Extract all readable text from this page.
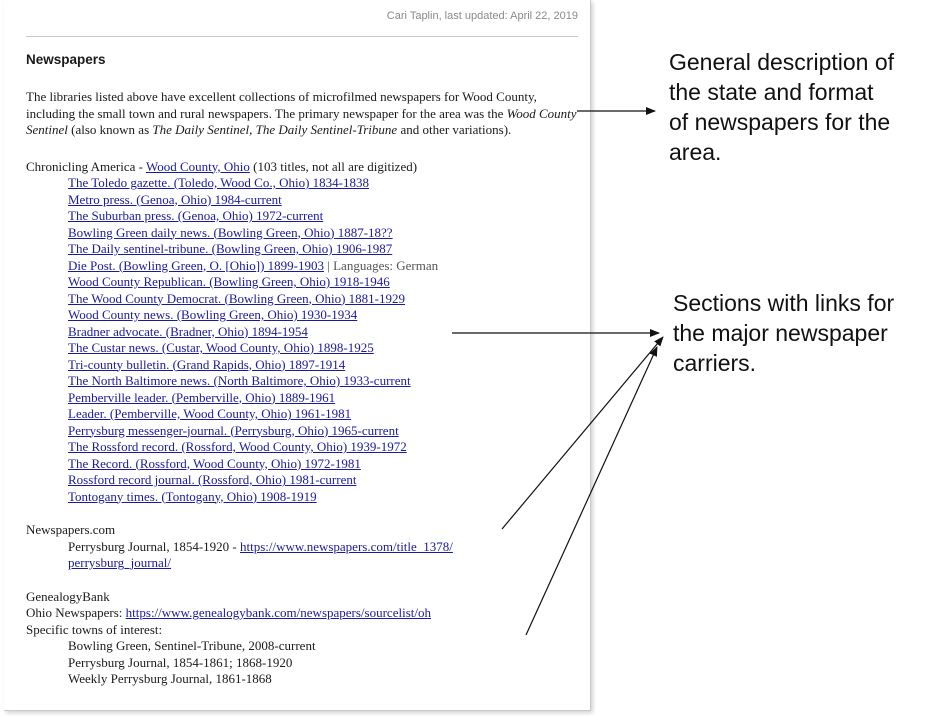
Cari Taplin, last updated: April 22, 2019
Newspapers

The libraries listed above have excellent collections of microfilmed newspapers for Wood County, including the small town and rural newspapers. The primary newspaper for the area was the Wood County Sentinel (also known as The Daily Sentinel, The Daily Sentinel-Tribune and other variations).

Chronicling America - Wood County, Ohio (103 titles, not all are digitized)
The Toledo gazette. (Toledo, Wood Co., Ohio) 1834-1838
Metro press. (Genoa, Ohio) 1984-current
The Suburban press. (Genoa, Ohio) 1972-current
Bowling Green daily news. (Bowling Green, Ohio) 1887-18??
The Daily sentinel-tribune. (Bowling Green, Ohio) 1906-1987
Die Post. (Bowling Green, O. [Ohio]) 1899-1903 | Languages: German
Wood County Republican. (Bowling Green, Ohio) 1918-1946
The Wood County Democrat. (Bowling Green, Ohio) 1881-1929
Wood County news. (Bowling Green, Ohio) 1930-1934
Bradner advocate. (Bradner, Ohio) 1894-1954
The Custar news. (Custar, Wood County, Ohio) 1898-1925
Tri-county bulletin. (Grand Rapids, Ohio) 1897-1914
The North Baltimore news. (North Baltimore, Ohio) 1933-current
Pemberville leader. (Pemberville, Ohio) 1889-1961
Leader. (Pemberville, Wood County, Ohio) 1961-1981
Perrysburg messenger-journal. (Perrysburg, Ohio) 1965-current
The Rossford record. (Rossford, Wood County, Ohio) 1939-1972
The Record. (Rossford, Wood County, Ohio) 1972-1981
Rossford record journal. (Rossford, Ohio) 1981-current
Tontogany times. (Tontogany, Ohio) 1908-1919
Newspapers.com
Perrysburg Journal, 1854-1920 - https://www.newspapers.com/title_1378/
perrysburg_journal/
GenealogyBank
Ohio Newspapers: https://www.genealogybank.com/newspapers/sourcelist/oh
Specific towns of interest:
Bowling Green, Sentinel-Tribune, 2008-current
Perrysburg Journal, 1854-1861; 1868-1920
Weekly Perrysburg Journal, 1861-1868
General description of
the state and format
of newspapers for the
area.
Sections with links for
the major newspaper
carriers.
